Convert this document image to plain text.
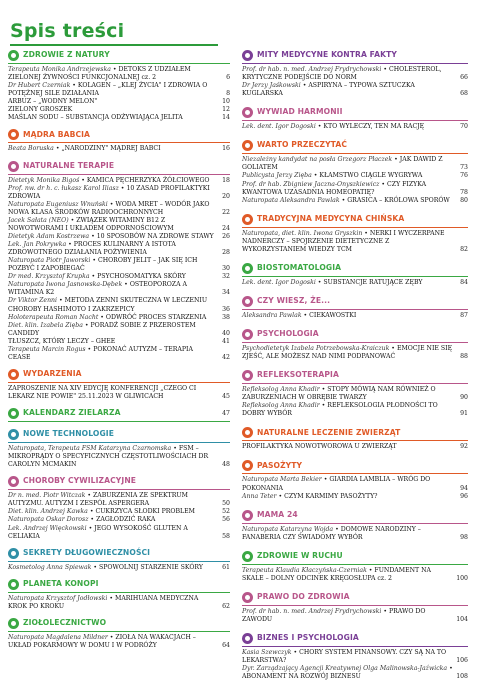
Spis treści
ZDROWIE Z NATURY
Terapeuta Monika Andrzejewska • DETOKS Z UDZIAŁEM ZIELONEJ ŻYWNOŚCI FUNKCJONALNEJ cz. 2	6
Dr Hubert Czerniak • KOLAGEN – „KLEJ ŻYCIA" I ZDROWIA O POTĘŻNEJ SILE DZIAŁANIA	8
ARBUZ – „WODNY MELON"	10
ZIELONY GROSZEK	12
MAŚLAN SODU – SUBSTANCJA ODŻYWIAJĄCA JELITA	14
MĄDRA BABCIA
Beata Boruska • „NARODZINY" MĄDREJ BABCI	16
NATURALNE TERAPIE
Dietetyk Monika Bigoś • KAMICA PĘCHERZYKA ŻÓŁCIOWEGO	18
Prof. nw. dr h. c. łukasz Karol Iliasz • 10 ZASAD PROFILAKTYKI ZDROWIA	20
Naturopata Eugeniusz Wnuński • WODA MRET – WODÓR JAKO NOWA KLASA ŚRODKÓW RADIOOCHRONNYCH	22
Jacek Sałata (NEO) • ZWIĄZEK WITAMINY B12 Z NOWOTWORAMI I UKŁADEM ODPORNOŚCIOWYM	24
Dietetyk Adam Kostrzewa • 10 SPOSOBÓW NA ZDROWE STAWY	26
Lek. Jan Pokrywka • PROCES KULINARNY A ISTOTA ZDROWOTNEGO DZIAŁANIA POŻYWIENIA	28
Naturopata Piotr Jaworski • CHOROBY JELIT – JAK SIĘ ICH POZBYĆ I ZAPOBIEGAĆ	30
Dr med. Krzysztof Krupka • PSYCHOSOMATYKA SKÓRY	32
Naturopata Iwona Jasnowska-Dębek • OSTEOPOROZA A WITAMINA K2	34
Dr Viktor Zenni • METODA ZENNI SKUTECZNA W LECZENIU CHOROBY HASHIMOTO I ZAKRZEPICY	36
Holoterapeuta Roman Nacht • ODWRÓĆ PROCES STARZENIA	38
Diet. klin. Izabela Zięba • PORADŹ SOBIE Z PRZEROSTEM CANDIDY	40
TŁUSZCZ, KTÓRY LECZY – GHEE	41
Terapeuta Marcin Rogus • POKONAĆ AUTYZM – TERAPIA CEASE	42
WYDARZENIA
ZAPROSZENIE NA XIV EDYCJĘ KONFERENCJI „CZEGO CI LEKARZ NIE POWIE" 25.11.2023 W GLIWICACH	45
KALENDARZ ZIELARZA	47
NOWE TECHNOLOGIE
Naturopata, Terapeuta FSM Katarzyna Czarnomska • FSM – MIKROPRĄDY O SPECYFICZNYCH CZĘSTOTLIWOŚCIACH DR CAROLYN MCMAKIN	48
CHOROBY CYWILIZACYJNE
Dr n. med. Piotr Witczak • ZABURZENIA ZE SPEKTRUM AUTYZMU. AUTYZM I ZESPÓŁ ASPERGERA	50
Diet. klin. Andrzej Kawka • CUKRZYCA SŁODKI PROBLEM	52
Naturopata Oskar Dorosz • ZAGŁODZIĆ RAKA	56
Lek. Andrzej Więckowski • JEGO WYSOKOŚĆ GLUTEN A CELIAKIA	58
SEKRETY DŁUGOWIECZNOŚCI
Kosmetolog Anna Spiewak • SPOWOLNIJ STARZENIE SKÓRY	61
PLANETA KONOPI
Naturopata Krzysztof Jodłowski • MARIHUANA MEDYCZNA KROK PO KROKU	62
ZIOŁOLECZNICTWO
Naturopata Magdalena Mildner • ZIOŁA NA WAKACJACH – UKŁAD POKARMOWY W DOMU I W PODRÓŻY	64
MITY MEDYCYNE KONTRA FAKTY
Prof. dr hab. n. med. Andrzej Frydrychowski • CHOLESTEROL, KRYTYCZNE PODEJŚCIE DO NORM	66
Dr Jerzy Jaśkowski • ASPIRYNA – TYPOWA SZTUCZKA KUGLARSKA	68
WYWIAD HARMONII
Lek. dent. Igor Dogoski • KTO WYLECZY, TEN MA RACJĘ	70
WARTO PRZECZYTAĆ
Niezależny kandydat na posła Grzegorz Płaczek • JAK DAWID Z GOLIATEM	73
Publicysta Jerzy Zięba • KŁAMSTWO CIĄGLE WYGRYWA	76
Prof. dr hab. Zbigniew Jaczna-Onyszkiewicz • CZY FIZYKA KWANTOWA UZASADNIA HOMEOPATIĘ?	78
Naturopata Aleksandra Pawlak • GRASICA – KRÓLOWA SPORÓW	80
TRADYCYJNA MEDYCYNA CHIŃSKA
Naturopata, diet. klin. Iwona Gryszkin • NERKI I WYCZERPANE NADNERCZY – SPOJRZENIE DIETETYCZNE Z WYKORZYSTANIEM WIEDZY TCM	82
BIOSTOMATOLOGIA
Lek. dent. Igor Dogoski • SUBSTANCJE RATUJĄCE ZĘBY	84
CZY WIESZ, ŻE...
Aleksandra Pawlak • CIEKAWOSTKI	87
PSYCHOLOGIA
Psychodietetyk Izabela Potrzebowska-Kraiczuk • EMOCJE NIE SIĘ ZJEŚĆ, ALE MOŻESZ NAD NIMI PODPANOWAĆ	88
REFLEKSOTERAPIA
Refleksolog Anna Khadir • STOPY MÓWIĄ NAM RÓWNIEŻ O ZABURZENIACH W OBRĘBIE TWARZY	90
Refleksolog Anna Khadir • REFLEKSOLOGIA PŁODNOŚCI TO DOBRY WYBÓR	91
NATURALNE LECZENIE ZWIERZĄT
PROFILAKTYKA NOWOTWOROWA U ZWIERZĄT	92
PASOŻYTY
Naturopata Marta Bekier • GIARDIA LAMBLIA – WRÓG DO POKONANIA	94
Anna Teter • CZYM KARMIMY PASOŻYTY?	96
MAMA 24
Naturopata Katarzyna Wojda • DOMOWE NARODZINY – FANABERIA CZY ŚWIADOMY WYBÓR	98
ZDROWIE W RUCHU
Terapeuta Klaudia Kłaczyńska-Czerniak • FUNDAMENT NA SKALE – DOLNY ODCINEK KRĘGOSŁUPA cz. 2	100
PRAWO DO ZDROWIA
Prof. dr hab. n. med. Andrzej Frydrychowski • PRAWO DO ZAWODU	104
BIZNES I PSYCHOLOGIA
Kasia Szewczyk • CHORY SYSTEM FINANSOWY. CZY SĄ NA TO LEKARSTWA?	106
Dyr. Zarządzający Agencji Kreatywnej Olga Malinowska-Jaźwicka • ABONAMENT NA ROZWÓJ BIZNESU	108
